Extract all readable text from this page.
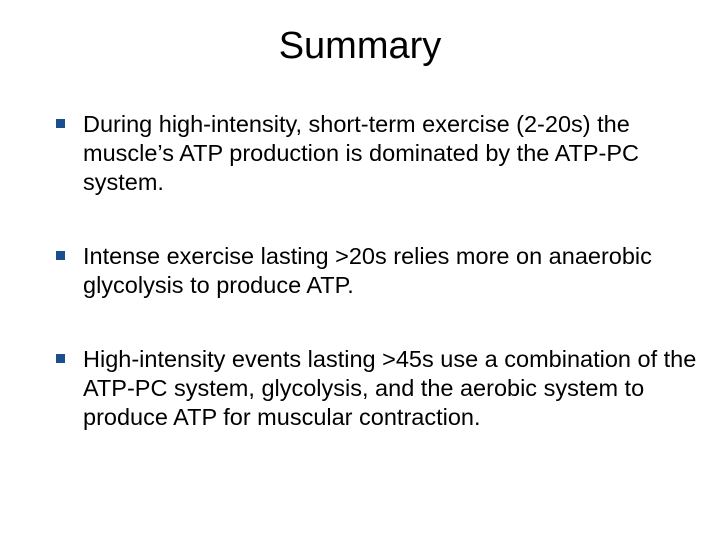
Summary
During high-intensity, short-term exercise (2-20s) the muscle’s ATP production is dominated by the ATP-PC system.
Intense exercise lasting >20s relies more on anaerobic glycolysis to produce ATP.
High-intensity events lasting >45s use a combination of the ATP-PC system, glycolysis, and the aerobic system to produce ATP for muscular contraction.
